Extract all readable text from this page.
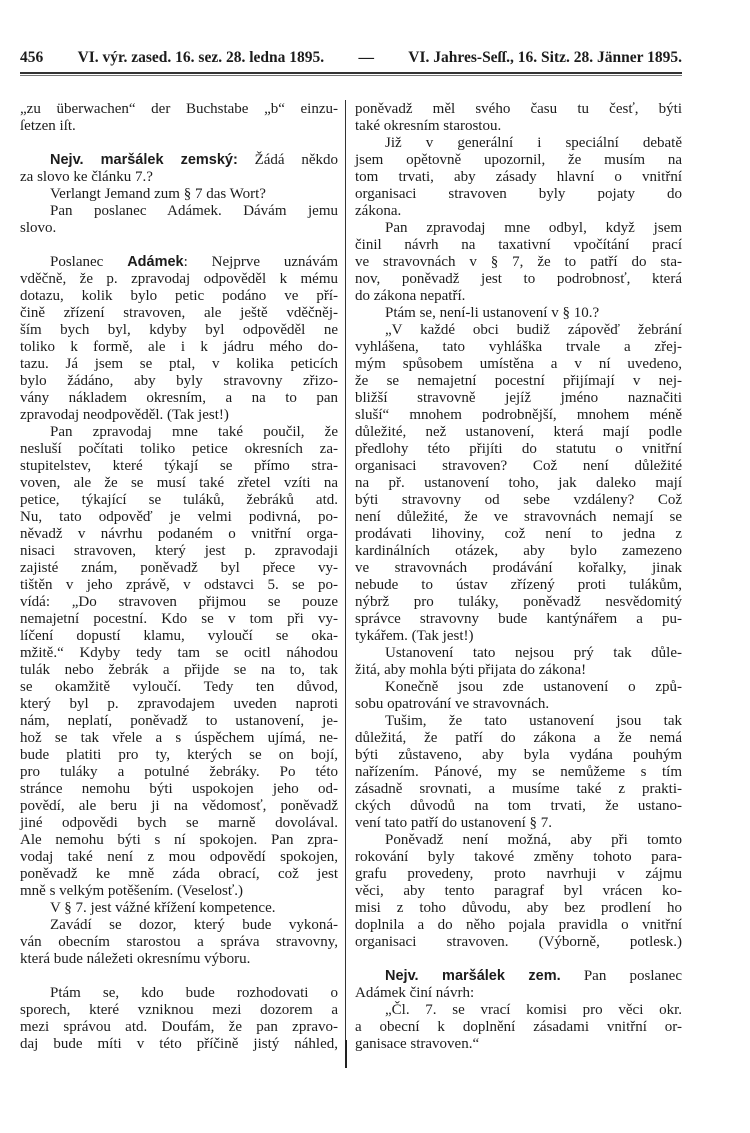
456 VI. výr. zased. 16. sez. 28. ledna 1895. — VI. Jahres-Seſſ., 16. Sitz. 28. Jänner 1895.
„zu überwachen“ der Buchstabe „b“ einzu-
ſetzen iſt.
Nejv. maršálek zemský: Žádá někdo
za slovo ke článku 7.?
Verlangt Jemand zum § 7 das Wort?
Pan poslanec Adámek. Dávám jemu
slovo.
Poslanec Adámek: Nejprve uznávám
vděčně, že p. zpravodaj odpověděl k mému
dotazu, kolik bylo petic podáno ve pří-
čině zřízení stravoven, ale ještě vděčněj-
ším bych byl, kdyby byl odpověděl ne
toliko k formě, ale i k jádru mého do-
tazu. Já jsem se ptal, v kolika peticích
bylo žádáno, aby byly stravovny zřizo-
vány nákladem okresním, a na to pan
zpravodaj neodpověděl. (Tak jest!)
Pan zpravodaj mne také poučil, že
nesluší počítati toliko petice okresních za-
stupitelstev, které týkají se přímo stra-
voven, ale že se musí také zřetel vzíti na
petice, týkající se tuláků, žebráků atd.
Nu, tato odpověď je velmi podivná, po-
něvadž v návrhu podaném o vnitřní orga-
nisaci stravoven, který jest p. zpravodaji
zajisté znám, poněvadž byl přece vy-
tištěn v jeho zprávě, v odstavci 5. se po-
vídá: „Do stravoven přijmou se pouze
nemajetní pocestní. Kdo se v tom při vy-
líčení dopustí klamu, vyloučí se oka-
mžitě.“ Kdyby tedy tam se ocitl náhodou
tulák nebo žebrák a přijde se na to, tak
se okamžitě vyloučí. Tedy ten důvod,
který byl p. zpravodajem uveden naproti
nám, neplatí, poněvadž to ustanovení, je-
hož se tak vřele a s úspěchem ujímá, ne-
bude platiti pro ty, kterých se on bojí,
pro tuláky a potulné žebráky. Po této
stránce nemohu býti uspokojen jeho od-
povědí, ale beru ji na vědomosť, poněvadž
jiné odpovědi bych se marně dovolával.
Ale nemohu býti s ní spokojen. Pan zpra-
vodaj také není z mou odpovědí spokojen,
poněvadž ke mně záda obrací, což jest
mně s velkým potěšením. (Veselosť.)
V § 7. jest vážné křížení kompetence.
Zavádí se dozor, který bude vykoná-
ván obecním starostou a správa stravovny,
která bude náležeti okresnímu výboru.
Ptám se, kdo bude rozhodovati o
sporech, které vzniknou mezi dozorem a
mezi správou atd. Doufám, že pan zpravo-
daj bude míti v této příčině jistý náhled,
poněvadž měl svého času tu česť, býti
také okresním starostou.
Již v generální i speciální debatě
jsem opětovně upozornil, že musím na
tom trvati, aby zásady hlavní o vnitřní
organisaci stravoven byly pojaty do
zákona.
Pan zpravodaj mne odbyl, když jsem
činil návrh na taxativní vpočítání prací
ve stravovnách v § 7, že to patří do sta-
nov, poněvadž jest to podrobnosť, která
do zákona nepatří.
Ptám se, není-li ustanovení v § 10.?
„V každé obci budiž zápověď žebrání
vyhlášena, tato vyhláška trvale a zřej-
mým spůsobem umístěna a v ní uvedeno,
že se nemajetní pocestní přijímají v nej-
bližší stravovně jejíž jméno naznačiti
sluší“ mnohem podrobnější, mnohem méně
důležité, než ustanovení, která mají podle
předlohy této přijíti do statutu o vnitřní
organisaci stravoven? Což není důležité
na př. ustanovení toho, jak daleko mají
býti stravovny od sebe vzdáleny? Což
není důležité, že ve stravovnách nemají se
prodávati lihoviny, což není to jedna z
kardinálních otázek, aby bylo zamezeno
ve stravovnách prodávání kořalky, jinak
nebude to ústav zřízený proti tulákům,
nýbrž pro tuláky, poněvadž nesvědomitý
správce stravovny bude kantýnářem a pu-
tykářem. (Tak jest!)
Ustanovení tato nejsou prý tak důle-
žitá, aby mohla býti přijata do zákona!
Konečně jsou zde ustanovení o způ-
sobu opatrování ve stravovnách.
Tušim, že tato ustanovení jsou tak
důležitá, že patří do zákona a že nemá
býti zůstaveno, aby byla vydána pouhým
nařízením. Pánové, my se nemůžeme s tím
zásadně srovnati, a musíme také z prakti-
ckých důvodů na tom trvati, že ustano-
vení tato patří do ustanovení § 7.
Poněvadž není možná, aby při tomto
rokování byly takové změny tohoto para-
grafu provedeny, proto navrhuji v zájmu
věci, aby tento paragraf byl vrácen ko-
misi z toho důvodu, aby bez prodlení ho
doplnila a do něho pojala pravidla o vnitřní
organisaci stravoven. (Výborně, potlesk.)
Nejv. maršálek zem. Pan poslanec
Adámek činí návrh:
„Čl. 7. se vrací komisi pro věci okr.
a obecní k doplnění zásadami vnitřní or-
ganisace stravoven.“
